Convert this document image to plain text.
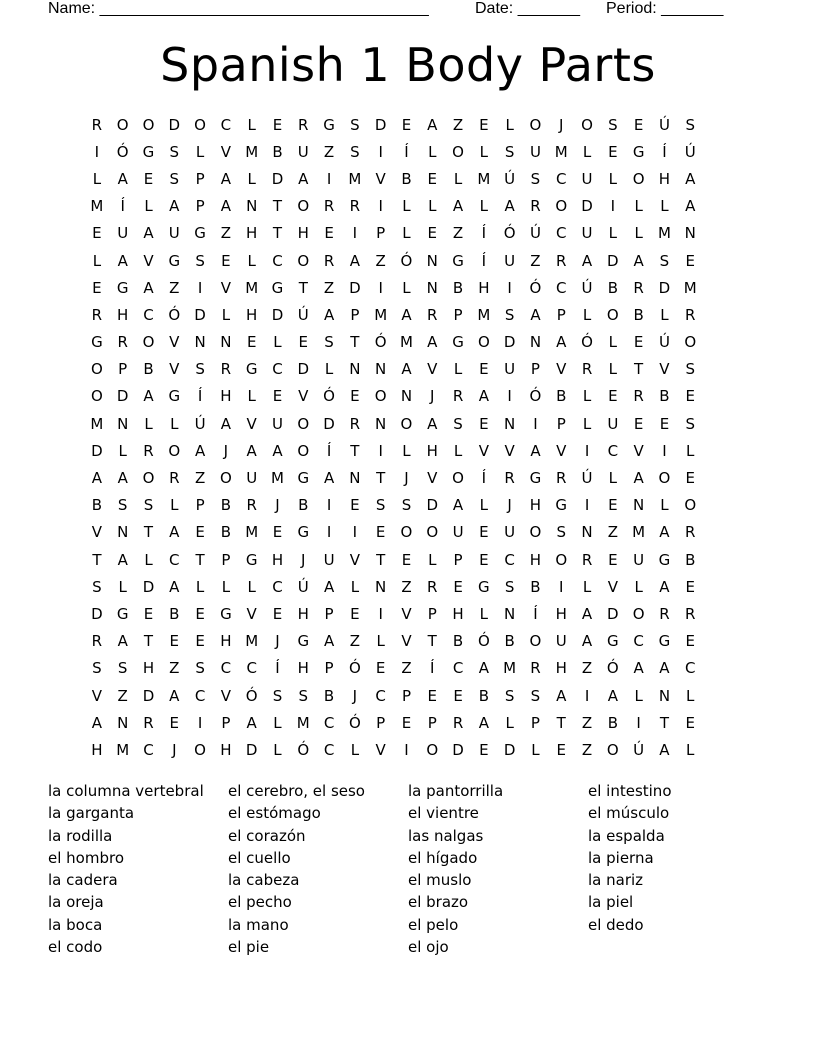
Name: _____________________________________	Date: _______ Period: _______
Spanish 1 Body Parts
R O O D O C	L	E	R G	S	D	E	A	Z	E	L	O	J	O	S	E	Ú	S
I	Ó G	S	L	V M B	U	Z	S	I	Í	L	O	L	S	U M	L	E	G	Í	Ú
L	A	E	S	P	A	L	D A	I	M V	B	E	L	M Ú	S	C	U	L	O H	A
M	Í	L	A	P	A	N	T	O R	R	I	L	L	A	L	A	R O D	I	L	L	A
E	U	A	U G Z	H	T	H	E	I	P	L	E	Z	Í	Ó Ú	C	U	L	L	M N
L	A	V G	S	E	L	C O R	A	Z Ó N G	Í	U	Z	R	A D A	S	E
E	G A	Z	I	V M G	T	Z D	I	L	N	B	H	I	Ó C	Ú	B	R D M
R H C Ó D	L	H D Ú	A	P M A	R	P M S	A	P	L	O B	L	R
G R O V	N N	E	L	E	S	T	Ó M A G O D N	A Ó	L	E	Ú O
O	P	B	V	S	R G C D	L	N N	A	V	L	E	U	P	V	R	L	T	V	S
O D A G	Í	H	L	E	V Ó	E	O N	J	R	A	I	Ó B	L	E	R	B	E
M N	L	L	Ú	A	V	U O D R N O A	S	E	N	I	P	L	U	E	E	S
D	L	R O A	J	A	A O	Í	T	I	L	H	L	V	V	A	V	I	C	V	I	L
A	A O R	Z O U M G A	N	T	J	V O	Í	R G R	Ú	L	A O	E
B	S	S	L	P	B	R	J	B	I	E	S	S	D A	L	J	H G	I	E	N	L	O
V	N	T	A	E	B M E	G	I	I	E	O O U	E	U O	S	N	Z M A	R
T	A	L	C	T	P	G H	J	U	V	T	E	L	P	E	C H O R	E	U G B
S	L	D A	L	L	L	C	Ú	A	L	N	Z	R	E	G	S	B	I	L	V	L	A	E
D G	E	B	E	G V	E	H	P	E	I	V	P	H	L	N	Í	H	A D O R	R
R	A	T	E	E	H M	J	G A	Z	L	V	T	B Ó B O U	A G C G	E
S	S	H	Z	S	C	C	Í	H	P	Ó	E	Z	Í	C	A M R H	Z Ó A	A	C
V	Z D A	C	V Ó	S	S	B	J	C	P	E	E	B	S	S	A	I	A	L	N	L
A	N R	E	I	P	A	L	M C Ó	P	E	P	R	A	L	P	T	Z	B	I	T	E
H M C	J	O H D	L	Ó C	L	V	I	O D	E	D	L	E	Z O Ú	A	L
la columna vertebral
la garganta
la rodilla
el hombro
la cadera
la oreja
la boca
el codo
el cerebro, el seso
el estómago
el corazón
el cuello
la cabeza
el pecho
la mano
el pie
la pantorrilla
el vientre
las nalgas
el hígado
el muslo
el brazo
el pelo
el ojo
el intestino
el músculo
la espalda
la pierna
la nariz
la piel
el dedo
